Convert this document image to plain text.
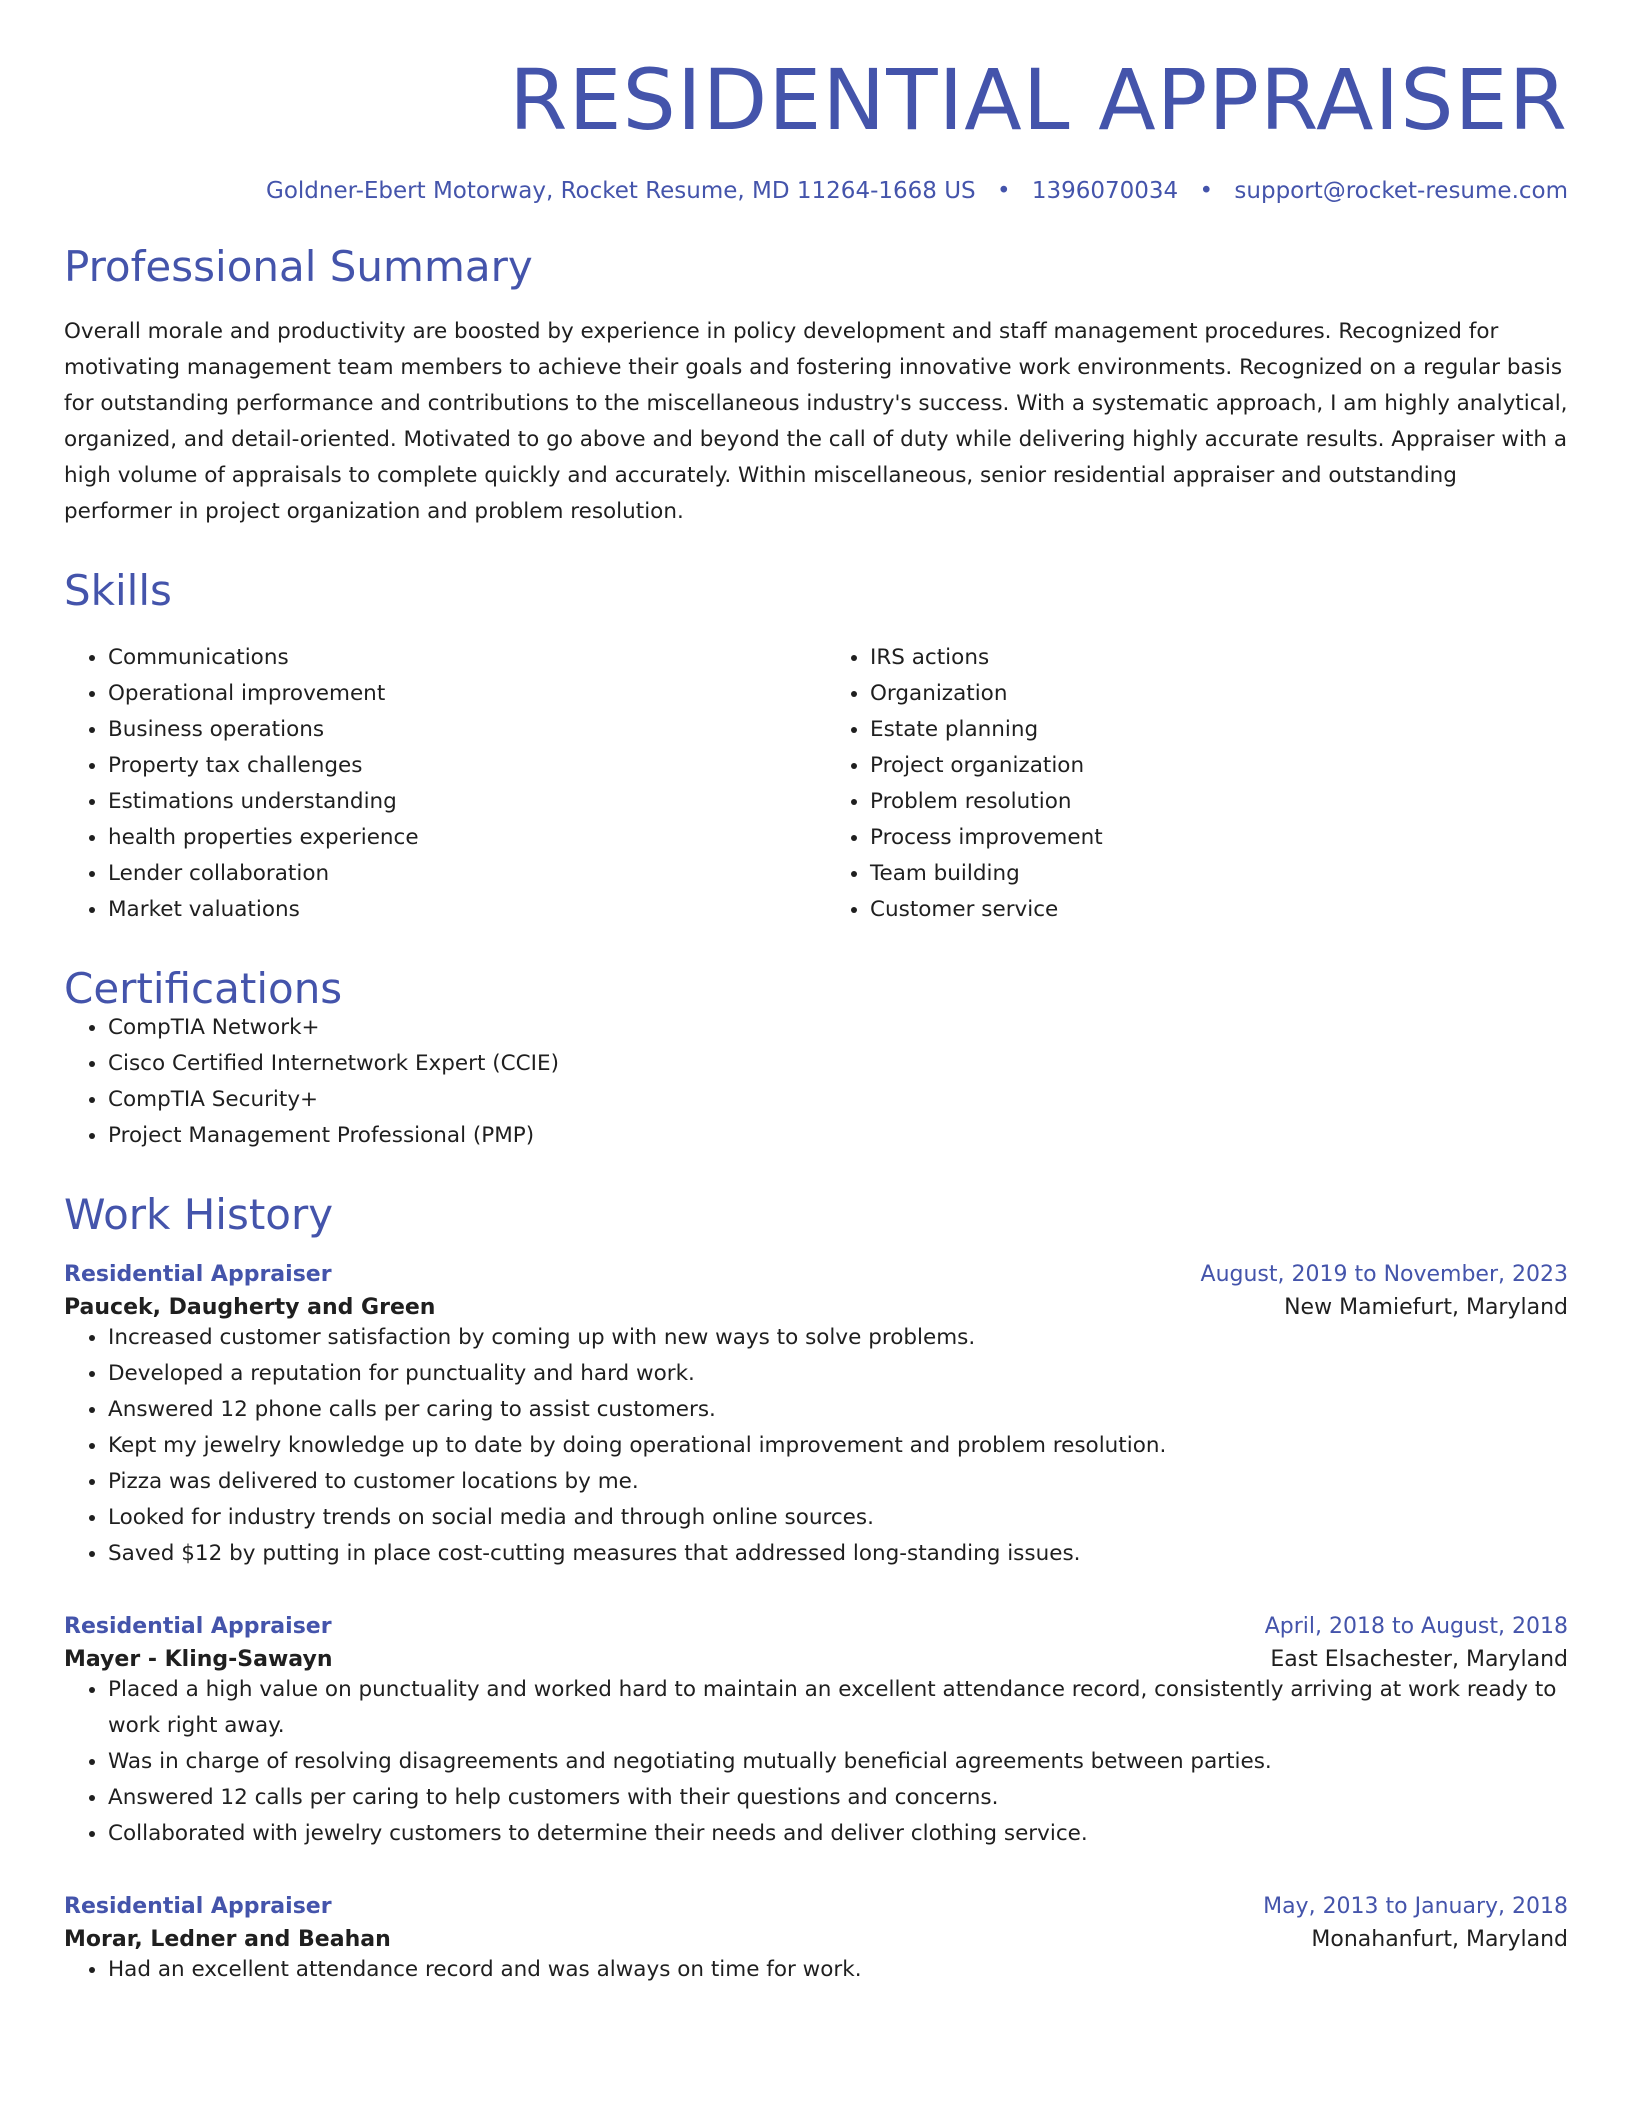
RESIDENTIAL APPRAISER
Goldner-Ebert Motorway, Rocket Resume, MD 11264-1668 US • 1396070034 • support@rocket-resume.com
Professional Summary

Overall morale and productivity are boosted by experience in policy development and staff management procedures. Recognized for motivating management team members to achieve their goals and fostering innovative work environments. Recognized on a regular basis for outstanding performance and contributions to the miscellaneous industry's success. With a systematic approach, I am highly analytical, organized, and detail-oriented. Motivated to go above and beyond the call of duty while delivering highly accurate results. Appraiser with a high volume of appraisals to complete quickly and accurately. Within miscellaneous, senior residential appraiser and outstanding performer in project organization and problem resolution.

Skills
• Communications
• Operational improvement
• Business operations
• Property tax challenges
• Estimations understanding
• health properties experience
• Lender collaboration
• Market valuations
• IRS actions
• Organization
• Estate planning
• Project organization
• Problem resolution
• Process improvement
• Team building
• Customer service
Certifications
• CompTIA Network+
• Cisco Certified Internetwork Expert (CCIE)
• CompTIA Security+
• Project Management Professional (PMP)
Work History
Residential Appraiser	August, 2019 to November, 2023
Paucek, Daugherty and Green	New Mamiefurt, Maryland
• Increased customer satisfaction by coming up with new ways to solve problems.
• Developed a reputation for punctuality and hard work.
• Answered 12 phone calls per caring to assist customers.
• Kept my jewelry knowledge up to date by doing operational improvement and problem resolution.
• Pizza was delivered to customer locations by me.
• Looked for industry trends on social media and through online sources.
• Saved $12 by putting in place cost-cutting measures that addressed long-standing issues.
Residential Appraiser	April, 2018 to August, 2018
Mayer - Kling-Sawayn	East Elsachester, Maryland
• Placed a high value on punctuality and worked hard to maintain an excellent attendance record, consistently arriving at work ready to work right away.
• Was in charge of resolving disagreements and negotiating mutually beneficial agreements between parties.
• Answered 12 calls per caring to help customers with their questions and concerns.
• Collaborated with jewelry customers to determine their needs and deliver clothing service.
Residential Appraiser	May, 2013 to January, 2018
Morar, Ledner and Beahan	Monahanfurt, Maryland
• Had an excellent attendance record and was always on time for work.
